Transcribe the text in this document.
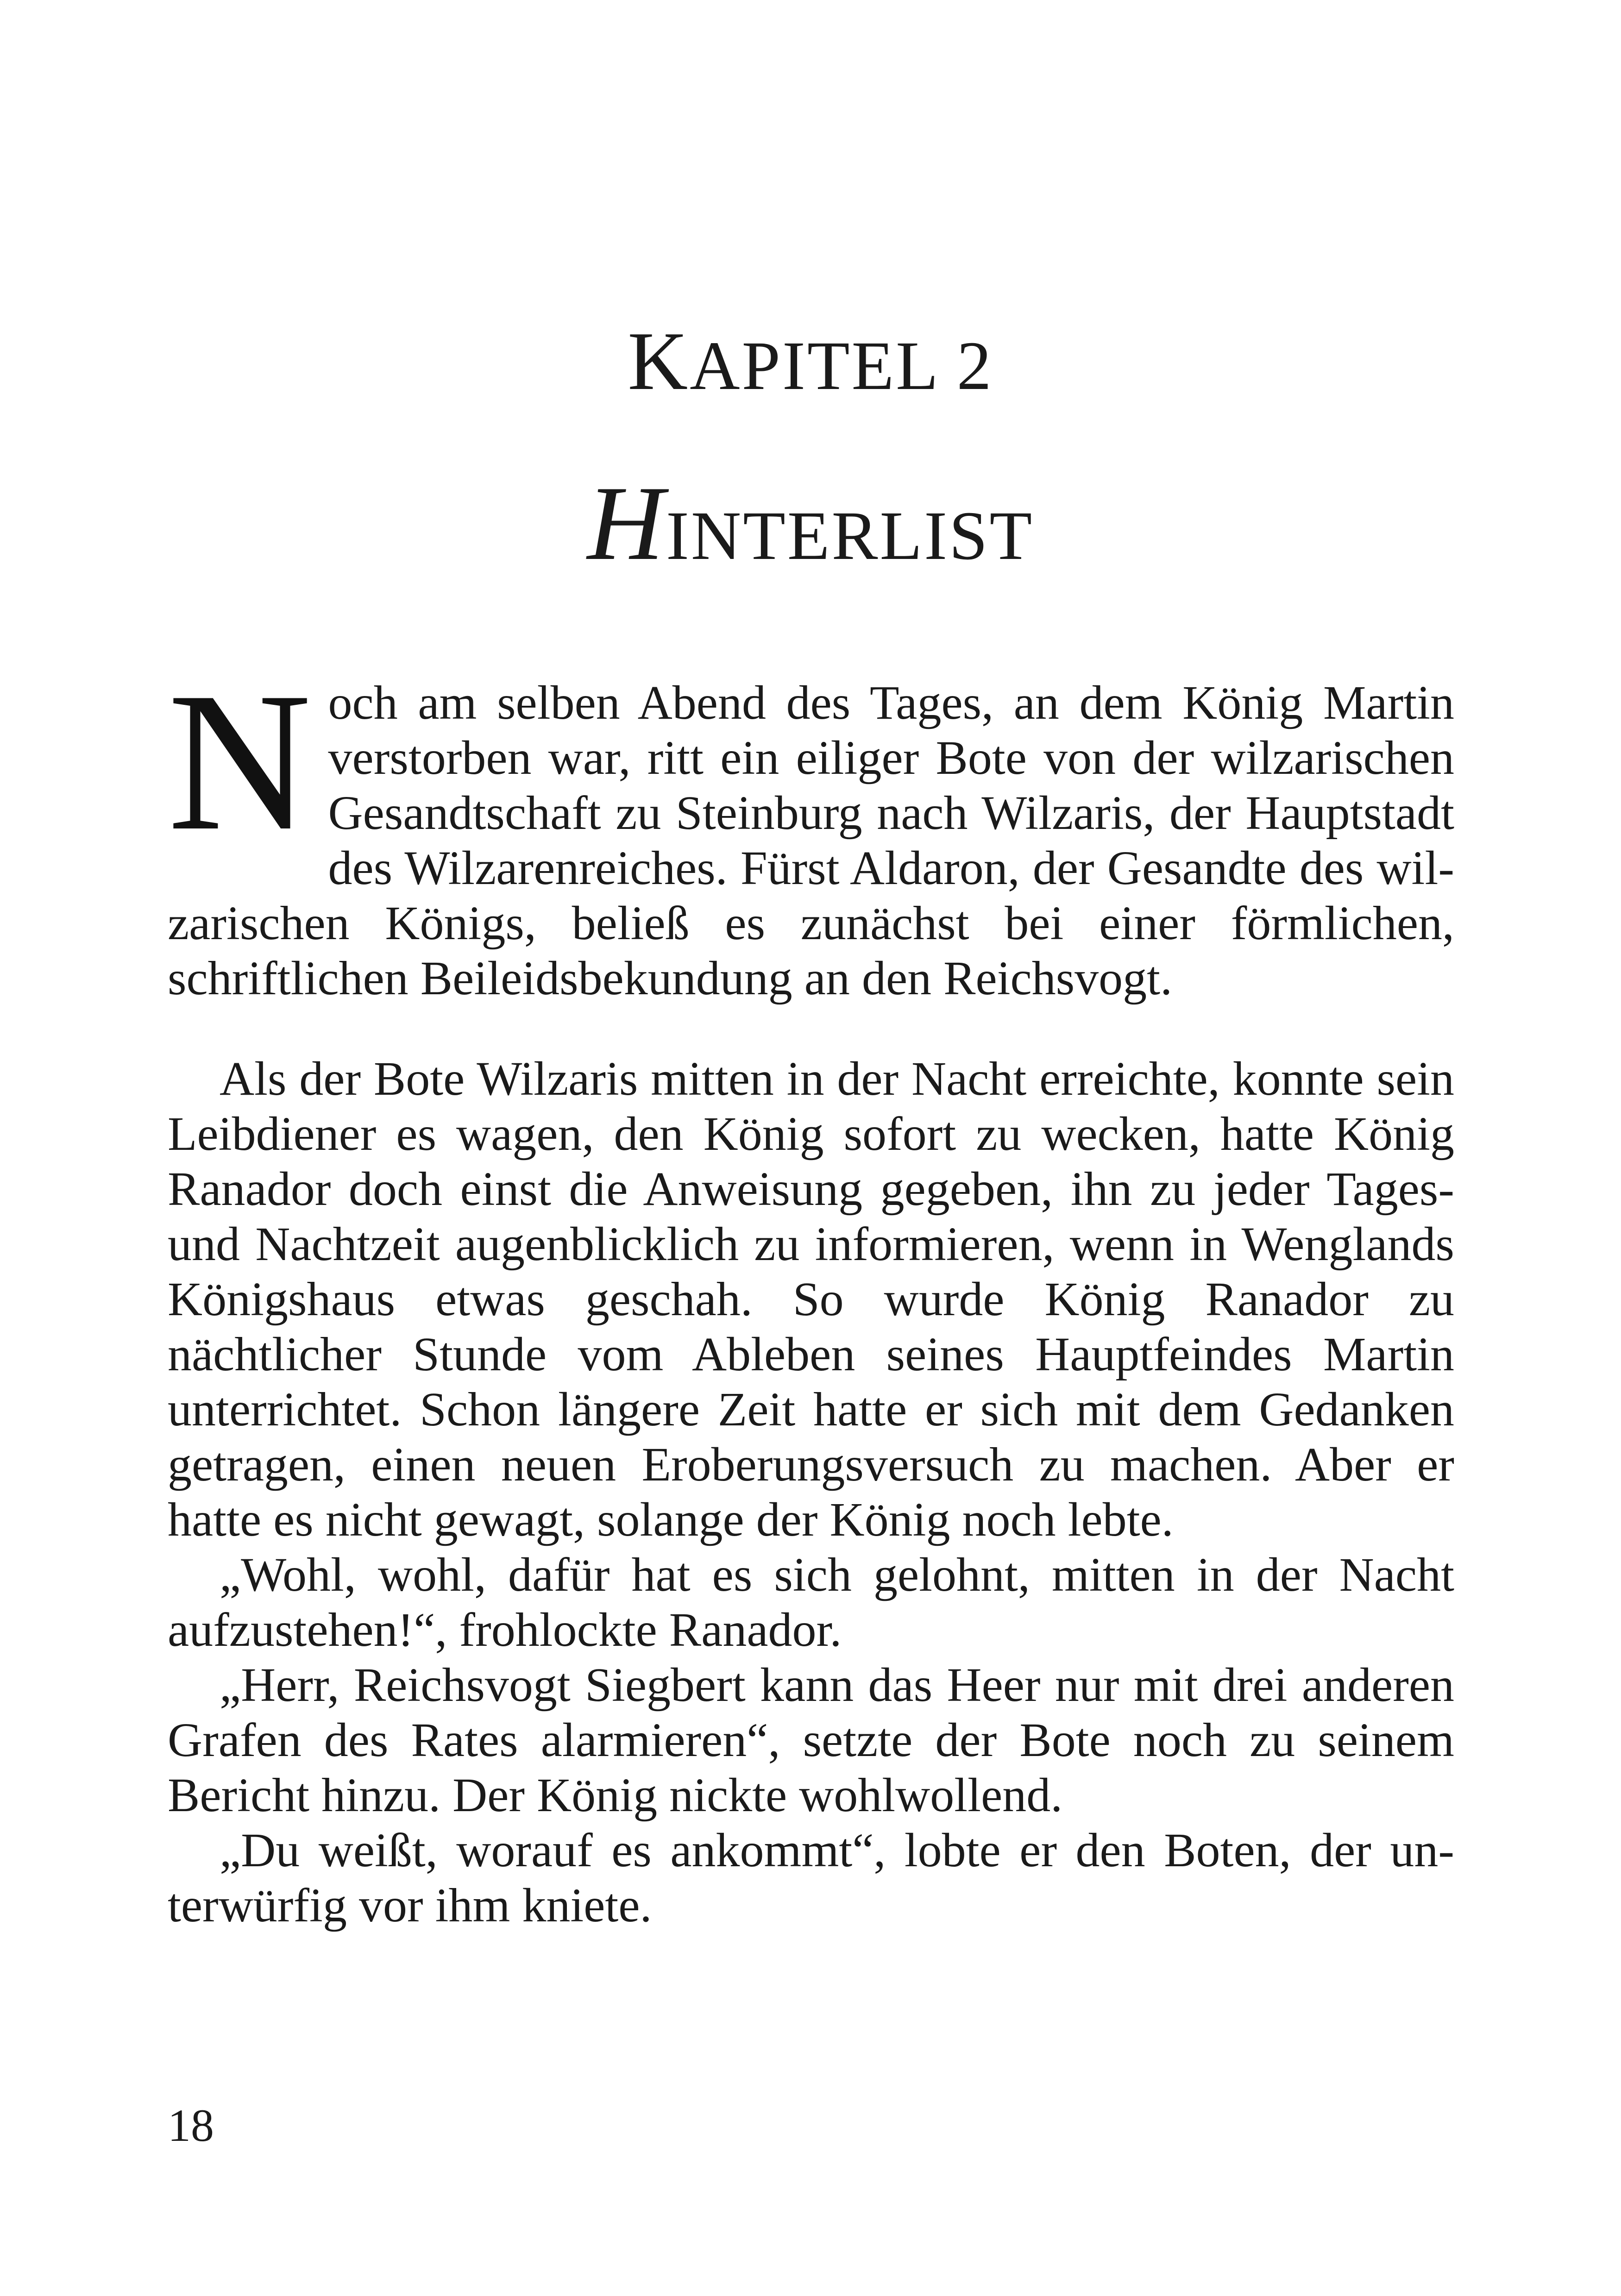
KAPITEL 2
HINTERLIST

Noch am selben Abend des Tages, an dem König Martin verstorben war, ritt ein eiliger Bote von der wilzarischen Gesandtschaft zu Steinburg nach Wilzaris, der Hauptstadt des Wilzarenreiches. Fürst Aldaron, der Gesandte des wilzarischen Königs, beließ es zunächst bei einer förmlichen, schriftlichen Beileidsbekundung an den Reichsvogt.

Als der Bote Wilzaris mitten in der Nacht erreichte, konnte sein Leibdiener es wagen, den König sofort zu wecken, hatte König Ranador doch einst die Anweisung gegeben, ihn zu jeder Tages- und Nachtzeit augenblicklich zu informieren, wenn in Wenglands Königshaus etwas geschah. So wurde König Ranador zu nächtlicher Stunde vom Ableben seines Hauptfeindes Martin unterrichtet. Schon längere Zeit hatte er sich mit dem Gedanken getragen, einen neuen Eroberungsversuch zu machen. Aber er hatte es nicht gewagt, solange der König noch lebte.

„Wohl, wohl, dafür hat es sich gelohnt, mitten in der Nacht aufzustehen!“, frohlockte Ranador.

„Herr, Reichsvogt Siegbert kann das Heer nur mit drei anderen Grafen des Rates alarmieren“, setzte der Bote noch zu seinem Bericht hinzu. Der König nickte wohlwollend.

„Du weißt, worauf es ankommt“, lobte er den Boten, der unterwürfig vor ihm kniete.

18
